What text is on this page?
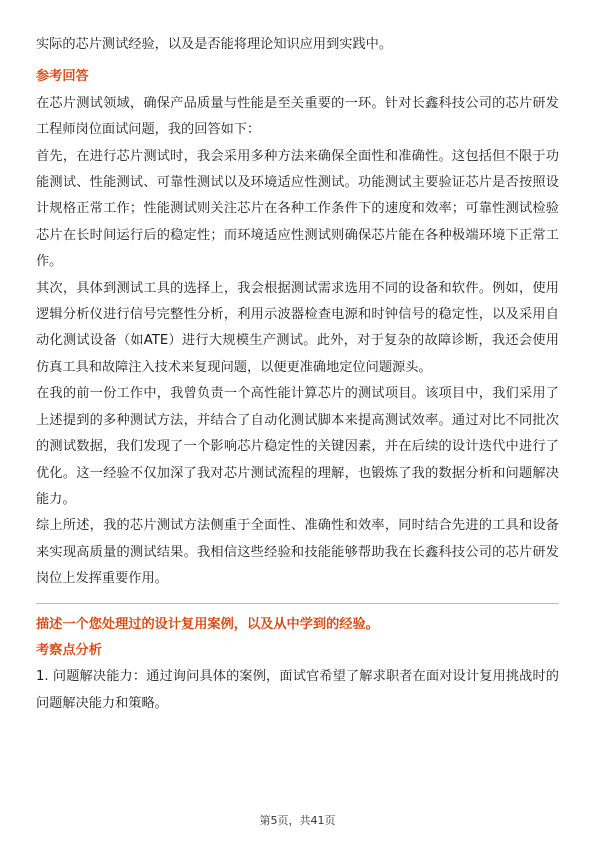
实际的芯片测试经验，以及是否能将理论知识应用到实践中。

参考回答

在芯片测试领域，确保产品质量与性能是至关重要的一环。针对长鑫科技公司的芯片研发工程师岗位面试问题，我的回答如下：

首先，在进行芯片测试时，我会采用多种方法来确保全面性和准确性。这包括但不限于功能测试、性能测试、可靠性测试以及环境适应性测试。功能测试主要验证芯片是否按照设计规格正常工作；性能测试则关注芯片在各种工作条件下的速度和效率；可靠性测试检验芯片在长时间运行后的稳定性；而环境适应性测试则确保芯片能在各种极端环境下正常工作。

其次，具体到测试工具的选择上，我会根据测试需求选用不同的设备和软件。例如，使用逻辑分析仪进行信号完整性分析，利用示波器检查电源和时钟信号的稳定性，以及采用自动化测试设备（如ATE）进行大规模生产测试。此外，对于复杂的故障诊断，我还会使用仿真工具和故障注入技术来复现问题，以便更准确地定位问题源头。

在我的前一份工作中，我曾负责一个高性能计算芯片的测试项目。该项目中，我们采用了上述提到的多种测试方法，并结合了自动化测试脚本来提高测试效率。通过对比不同批次的测试数据，我们发现了一个影响芯片稳定性的关键因素，并在后续的设计迭代中进行了优化。这一经验不仅加深了我对芯片测试流程的理解，也锻炼了我的数据分析和问题解决能力。

综上所述，我的芯片测试方法侧重于全面性、准确性和效率，同时结合先进的工具和设备来实现高质量的测试结果。我相信这些经验和技能能够帮助我在长鑫科技公司的芯片研发岗位上发挥重要作用。

描述一个您处理过的设计复用案例，以及从中学到的经验。

考察点分析

1. 问题解决能力：通过询问具体的案例，面试官希望了解求职者在面对设计复用挑战时的问题解决能力和策略。

第5页，共41页
